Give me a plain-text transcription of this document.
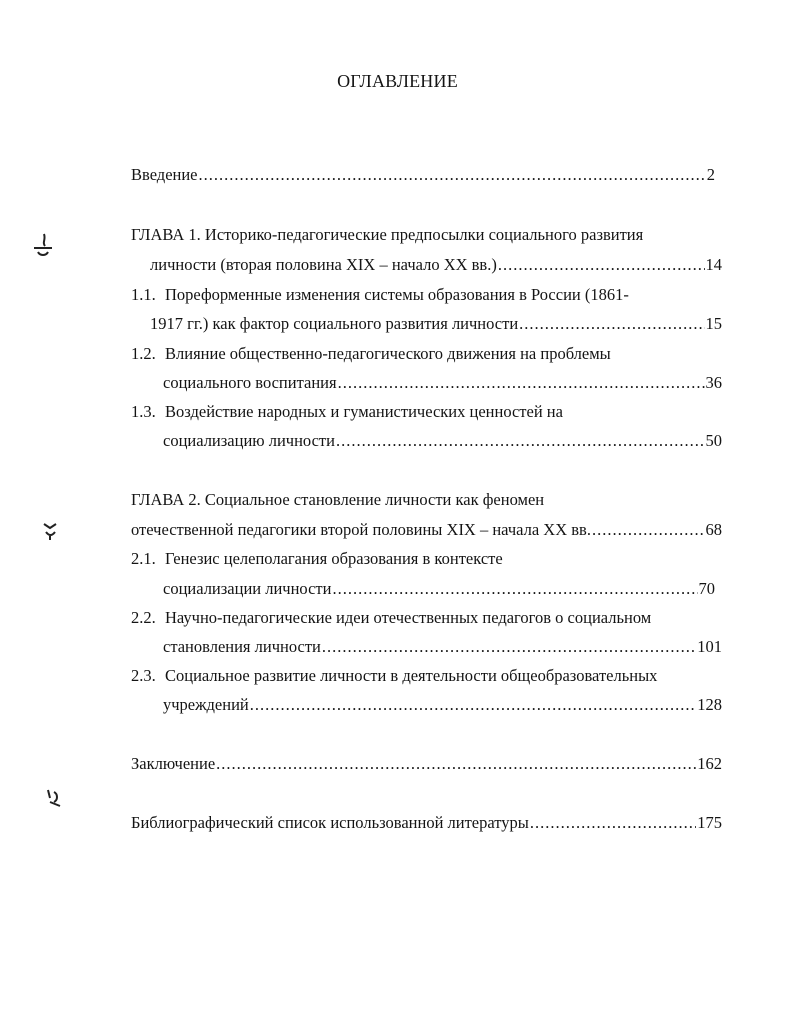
ОГЛАВЛЕНИЕ
Введение .....	2
ГЛАВА 1. Историко-педагогические предпосылки социального развития
личности (вторая половина XIX – начало XX вв.) .....	14
1.1. Пореформенные изменения системы образования в России (1861-
1917 гг.) как фактор социального развития личности .....	15
1.2. Влияние общественно-педагогического движения на проблемы
социального воспитания .....	36
1.3. Воздействие народных и гуманистических ценностей на
социализацию личности .....	50
ГЛАВА 2. Социальное становление личности как феномен
отечественной педагогики второй половины XIX – начала XX вв. .....	68
2.1. Генезис целеполагания образования в контексте
социализации личности .....	70
2.2. Научно-педагогические идеи отечественных педагогов о социальном
становления личности .....	101
2.3. Социальное развитие личности в деятельности общеобразовательных
учреждений .....	128
Заключение .....	162
Библиографический список использованной литературы .....	175
